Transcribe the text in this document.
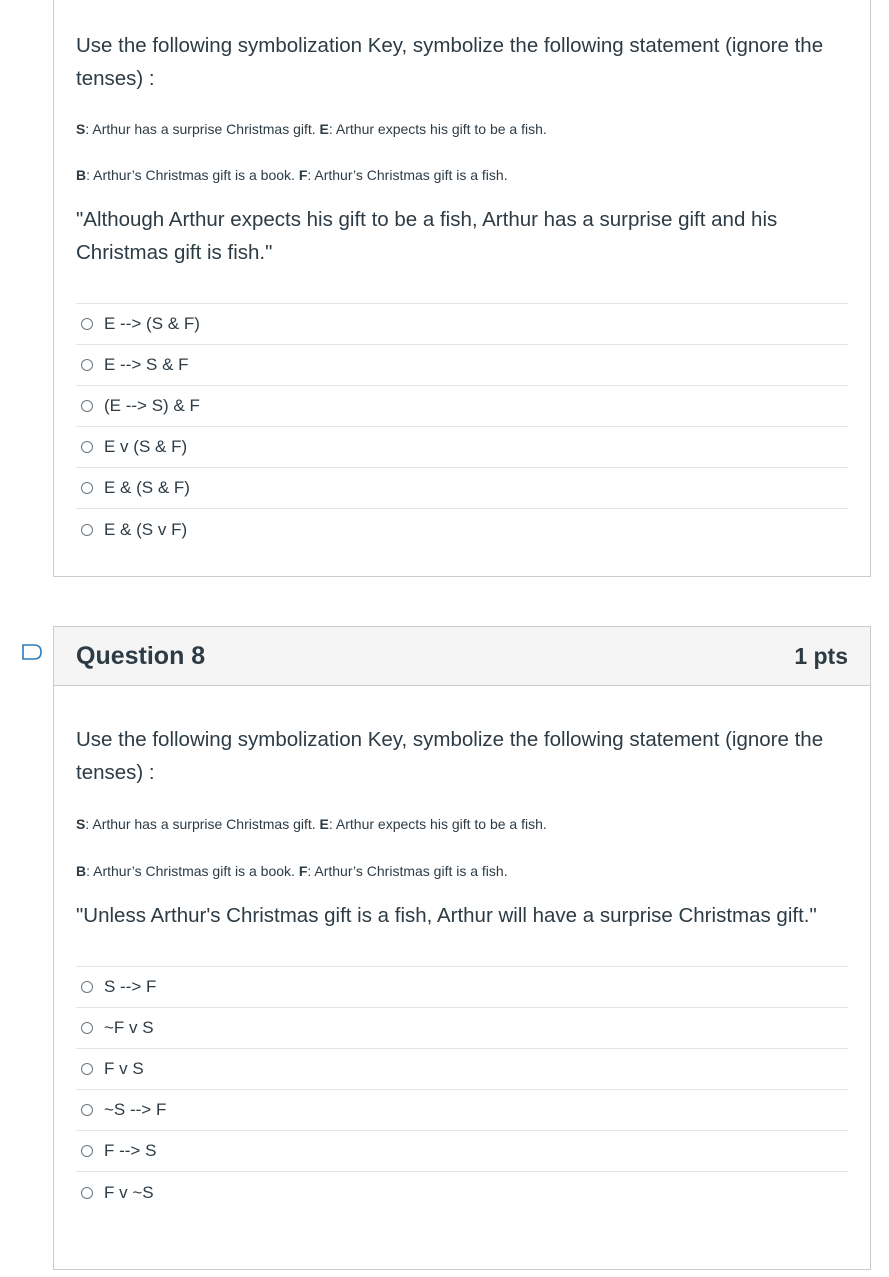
Use the following symbolization Key, symbolize the following statement (ignore the tenses) :

S: Arthur has a surprise Christmas gift. E: Arthur expects his gift to be a fish.

B: Arthur’s Christmas gift is a book. F: Arthur’s Christmas gift is a fish.

"Although Arthur expects his gift to be a fish, Arthur has a surprise gift and his Christmas gift is fish."

E --> (S & F)
E --> S & F
(E --> S) & F
E v (S & F)
E & (S & F)
E & (S v F)
Question 8	1 pts

Use the following symbolization Key, symbolize the following statement (ignore the tenses) :

S: Arthur has a surprise Christmas gift. E: Arthur expects his gift to be a fish.

B: Arthur’s Christmas gift is a book. F: Arthur’s Christmas gift is a fish.

"Unless Arthur's Christmas gift is a fish, Arthur will have a surprise Christmas gift."

S --> F
~F v S
F v S
~S --> F
F --> S
F v ~S
